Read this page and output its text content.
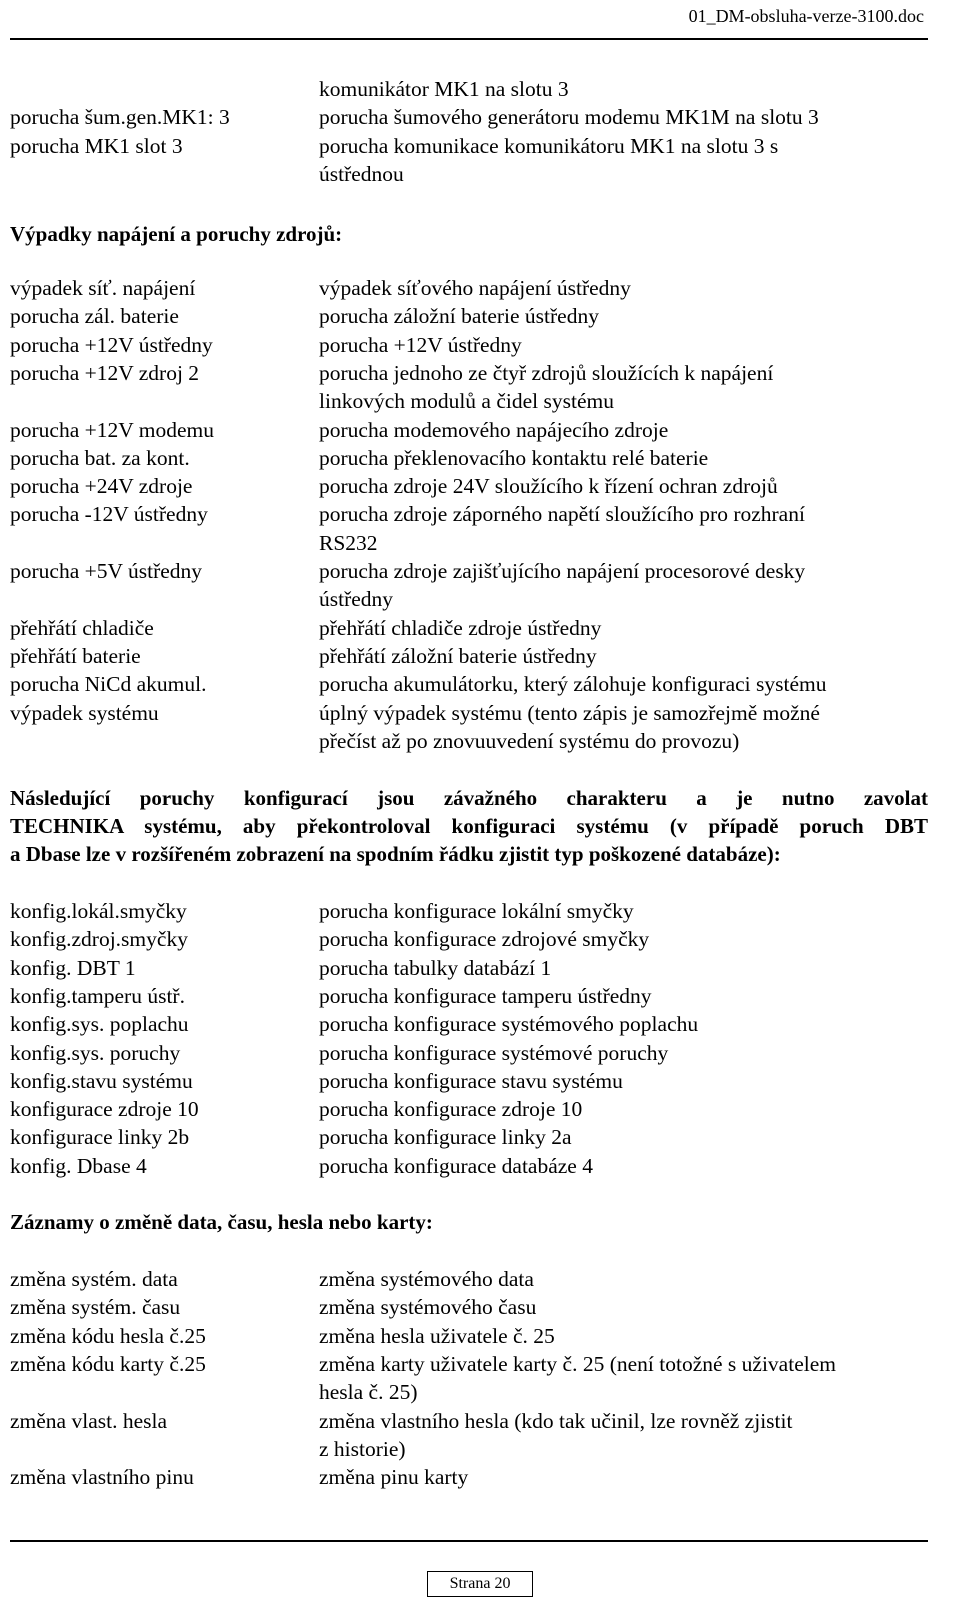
01_DM-obsluha-verze-3100.doc
komunikátor MK1 na slotu 3
porucha šum.gen.MK1: 3	porucha šumového generátoru modemu MK1M na slotu 3
porucha MK1 slot 3	porucha komunikace komunikátoru MK1 na slotu 3 s
ústřednou
Výpadky napájení a poruchy zdrojů:
výpadek síť. napájení	výpadek síťového napájení ústředny
porucha zál. baterie	porucha záložní baterie ústředny
porucha +12V ústředny	porucha +12V ústředny
porucha +12V zdroj 2	porucha jednoho ze čtyř zdrojů sloužících k napájení
linkových modulů a čidel systému
porucha +12V modemu	porucha modemového napájecího zdroje
porucha bat. za kont.	porucha překlenovacího kontaktu relé baterie
porucha +24V zdroje	porucha zdroje 24V sloužícího k řízení ochran zdrojů
porucha -12V ústředny	porucha zdroje záporného napětí sloužícího pro rozhraní
RS232
porucha +5V ústředny	porucha zdroje zajišťujícího napájení procesorové desky
ústředny
přehřátí chladiče	přehřátí chladiče zdroje ústředny
přehřátí baterie	přehřátí záložní baterie ústředny
porucha NiCd akumul.	porucha akumulátorku, který zálohuje konfiguraci systému
výpadek systému	úplný výpadek systému (tento zápis je samozřejmě možné
přečíst až po znovuuvedení systému do provozu)
Následující poruchy konfigurací jsou závažného charakteru a je nutno zavolat
TECHNIKA systému, aby překontroloval konfiguraci systému (v případě poruch DBT
a Dbase lze v rozšířeném zobrazení na spodním řádku zjistit typ poškozené databáze):
konfig.lokál.smyčky	porucha konfigurace lokální smyčky
konfig.zdroj.smyčky	porucha konfigurace zdrojové smyčky
konfig. DBT 1	porucha tabulky databází 1
konfig.tamperu ústř.	porucha konfigurace tamperu ústředny
konfig.sys. poplachu	porucha konfigurace systémového poplachu
konfig.sys. poruchy	porucha konfigurace systémové poruchy
konfig.stavu systému	porucha konfigurace stavu systému
konfigurace zdroje 10	porucha konfigurace zdroje 10
konfigurace linky 2b	porucha konfigurace linky 2a
konfig. Dbase 4	porucha konfigurace databáze 4
Záznamy o změně data, času, hesla nebo karty:
změna systém. data	změna systémového data
změna systém. času	změna systémového času
změna kódu hesla č.25	změna hesla uživatele č. 25
změna kódu karty č.25	změna karty uživatele karty č. 25 (není totožné s uživatelem
hesla č. 25)
změna vlast. hesla	změna vlastního hesla (kdo tak učinil, lze rovněž zjistit
z historie)
změna vlastního pinu	změna pinu karty
Strana 20
